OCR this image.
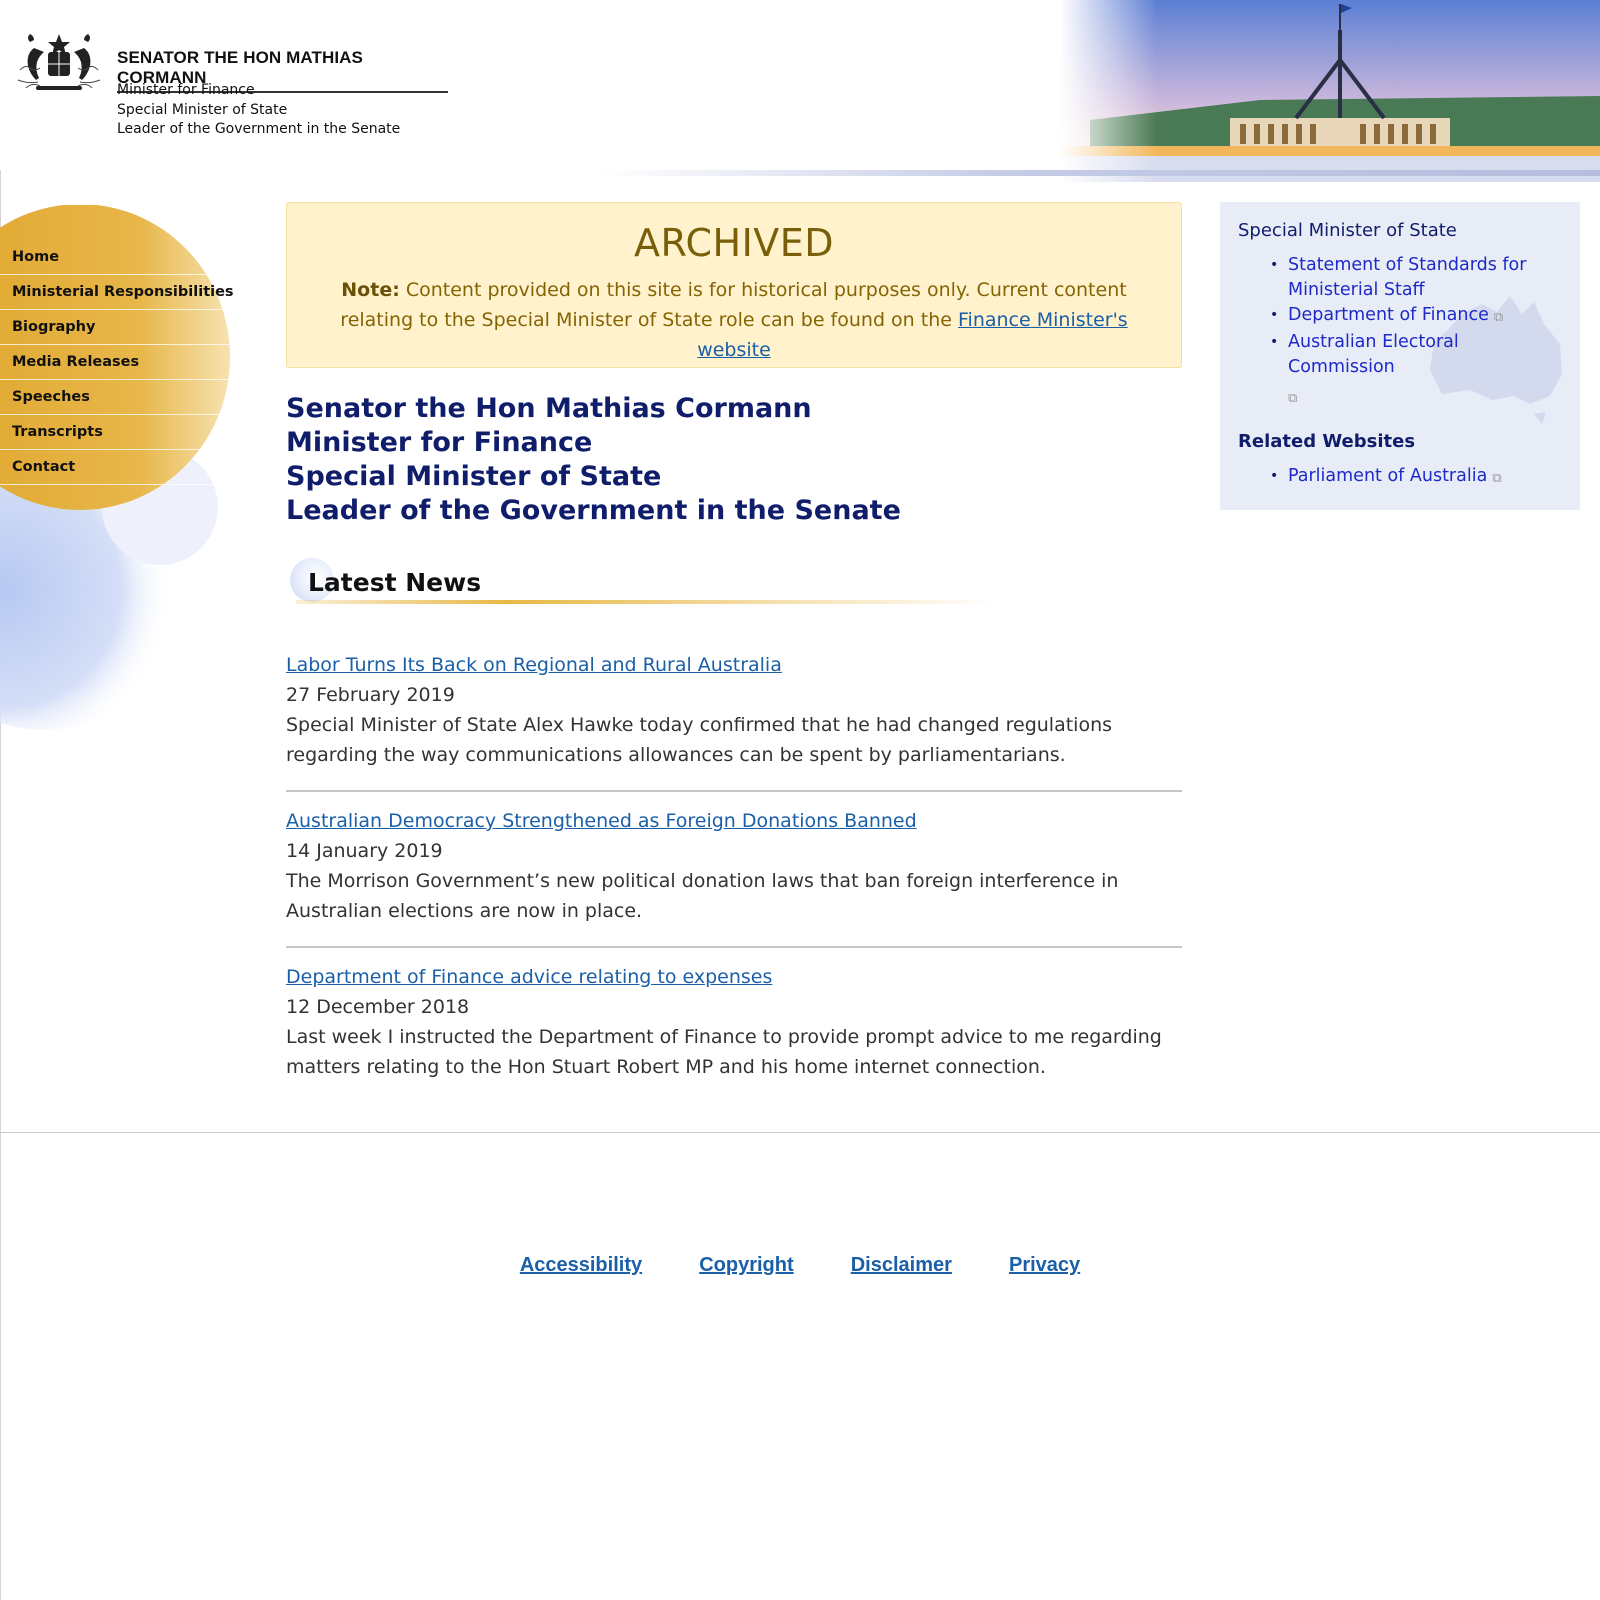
SENATOR THE HON MATHIAS CORMANN
Minister for Finance
Special Minister of State
Leader of the Government in the Senate
Home
Ministerial Responsibilities
Biography
Media Releases
Speeches
Transcripts
Contact
ARCHIVED
Note: Content provided on this site is for historical purposes only. Current content relating to the Special Minister of State role can be found on the Finance Minister's website
Senator the Hon Mathias Cormann
Minister for Finance
Special Minister of State
Leader of the Government in the Senate
Latest News
Labor Turns Its Back on Regional and Rural Australia
27 February 2019
Special Minister of State Alex Hawke today confirmed that he had changed regulations regarding the way communications allowances can be spent by parliamentarians.
Australian Democracy Strengthened as Foreign Donations Banned
14 January 2019
The Morrison Government’s new political donation laws that ban foreign interference in Australian elections are now in place.
Department of Finance advice relating to expenses
12 December 2018
Last week I instructed the Department of Finance to provide prompt advice to me regarding matters relating to the Hon Stuart Robert MP and his home internet connection.
Special Minister of State
• Statement of Standards for Ministerial Staff
• Department of Finance ⧉
• Australian Electoral Commission
⧉
Related Websites
• Parliament of Australia ⧉
Accessibility	Copyright	Disclaimer	Privacy
